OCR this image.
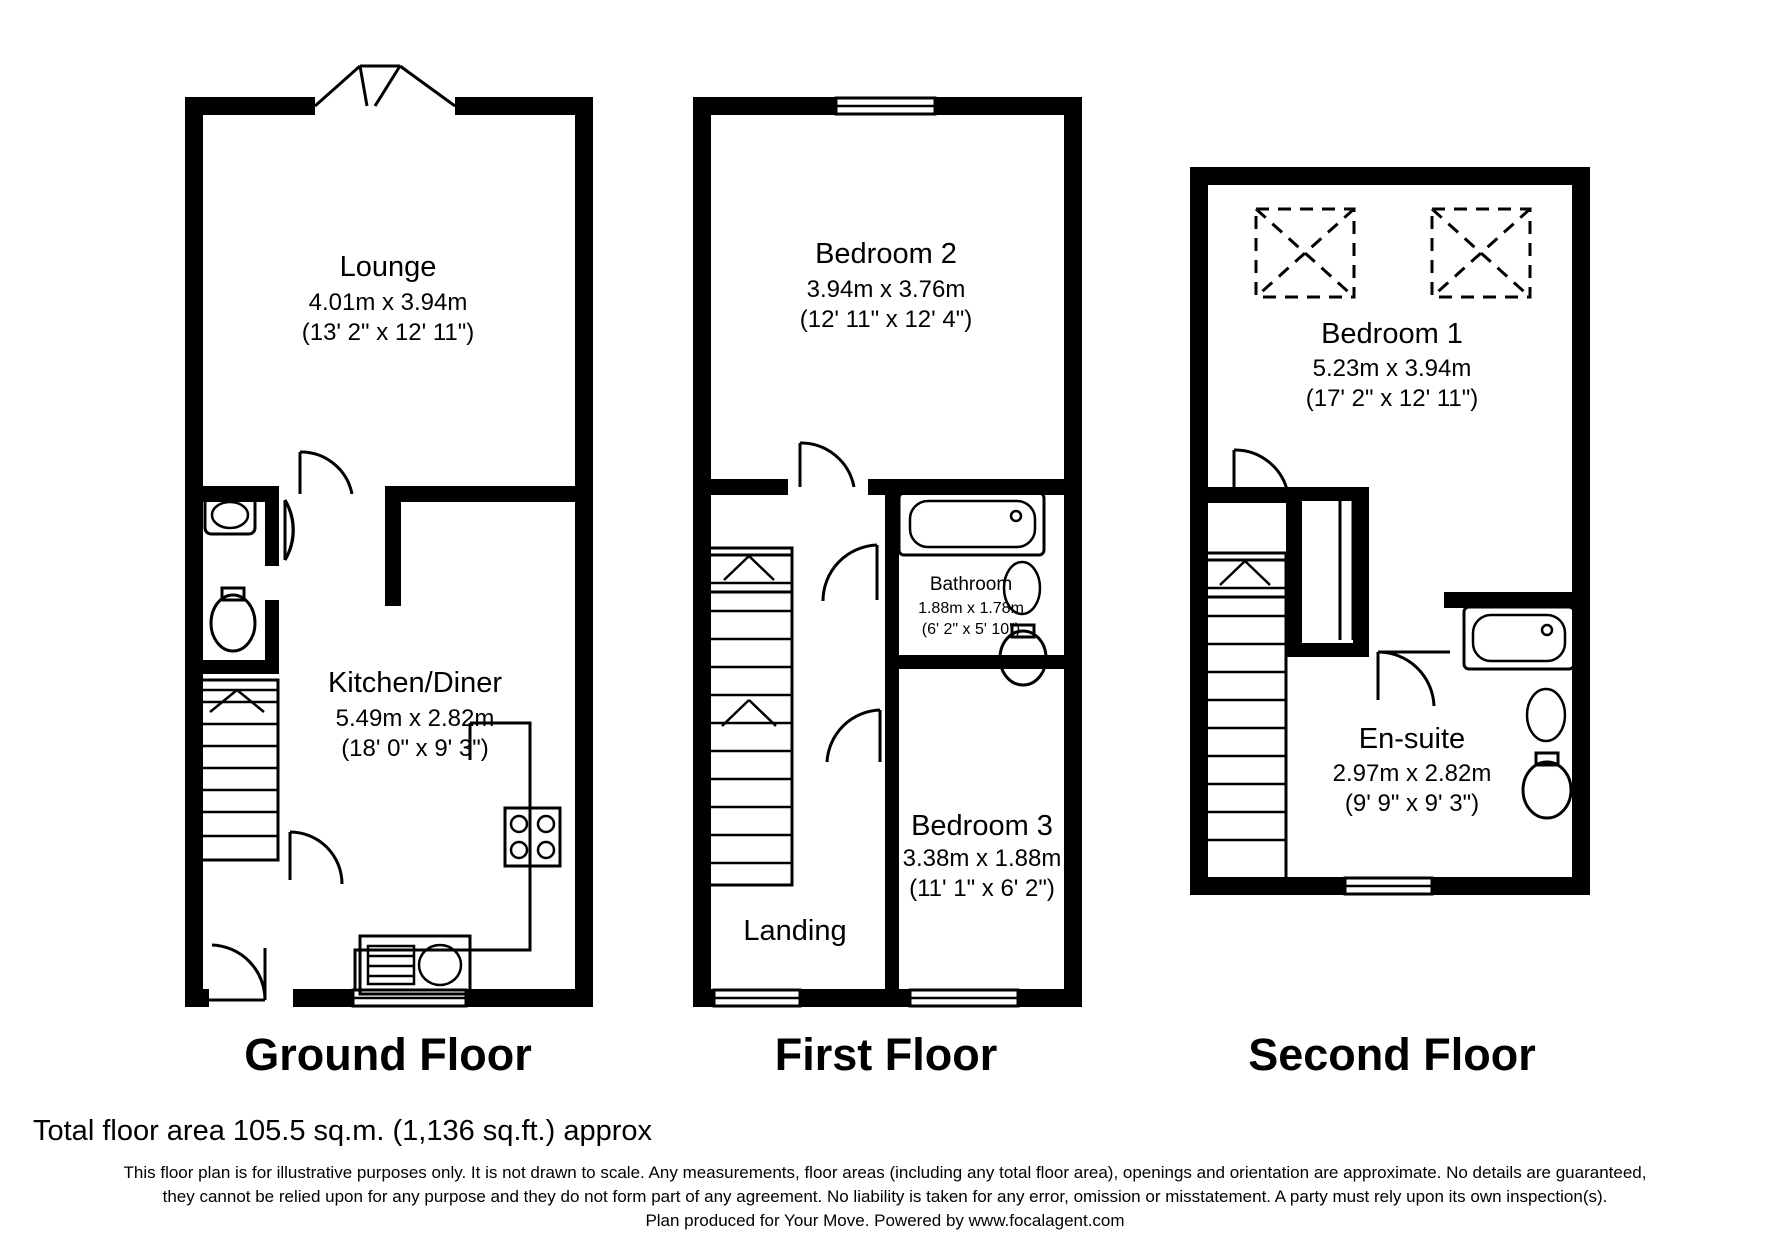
Lounge
4.01m x 3.94m
(13' 2" x 12' 11")
Kitchen/Diner
5.49m x 2.82m
(18' 0" x 9' 3")
Ground Floor
Bedroom 2
3.94m x 3.76m
(12' 11" x 12' 4")
Bathroom
1.88m x 1.78m
(6' 2" x 5' 10")
Bedroom 3
3.38m x 1.88m
(11' 1" x 6' 2")
Landing
First Floor
Bedroom 1
5.23m x 3.94m
(17' 2" x 12' 11")
En-suite
2.97m x 2.82m
(9' 9" x 9' 3")
Second Floor
Total floor area 105.5 sq.m. (1,136 sq.ft.) approx
This floor plan is for illustrative purposes only. It is not drawn to scale. Any measurements, floor areas (including any total floor area), openings and orientation are approximate. No details are guaranteed,
they cannot be relied upon for any purpose and they do not form part of any agreement. No liability is taken for any error, omission or misstatement. A party must rely upon its own inspection(s).
Plan produced for Your Move. Powered by www.focalagent.com
